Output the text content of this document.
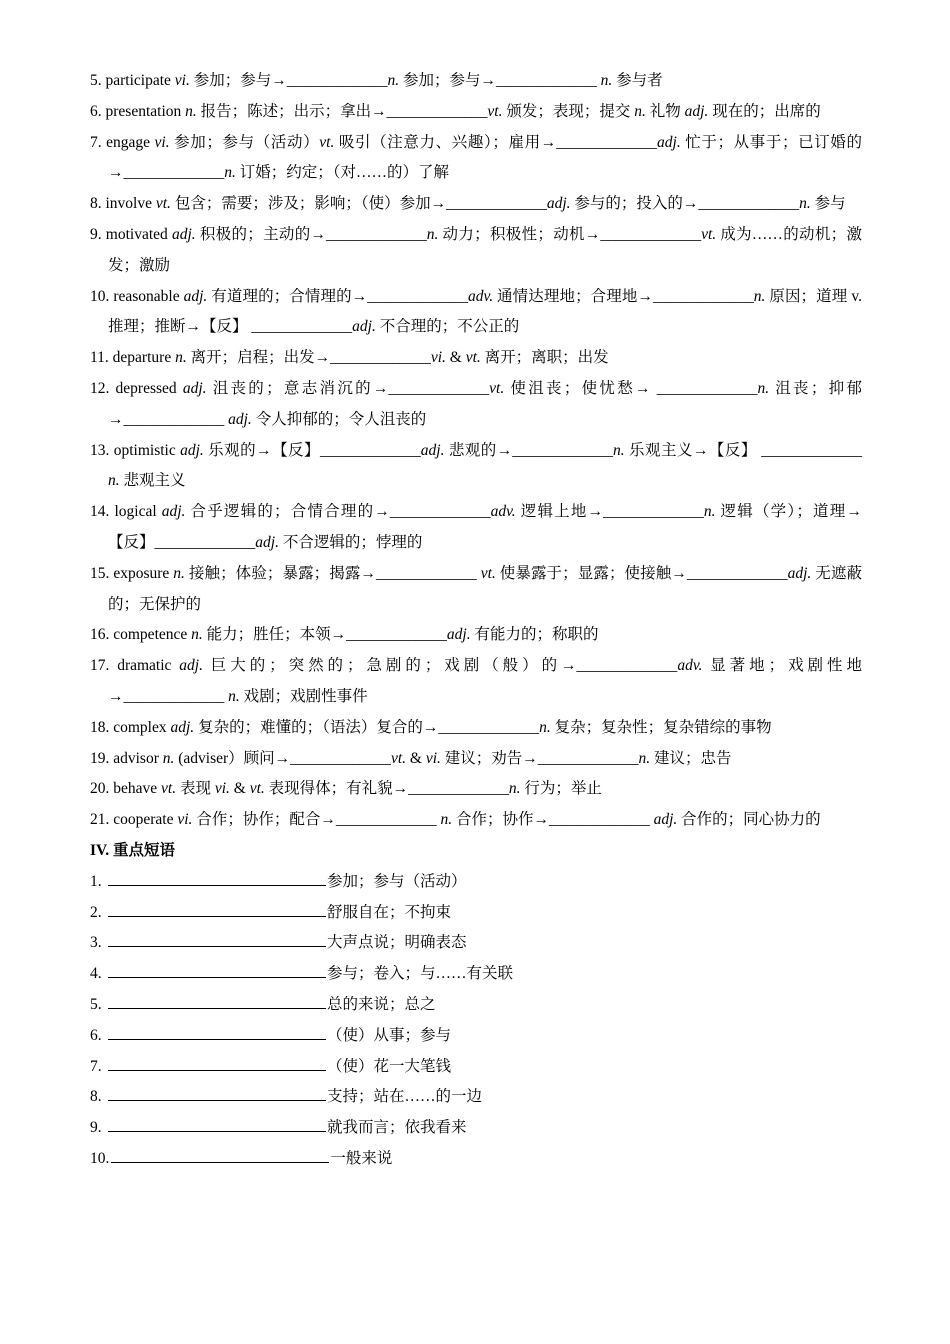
5. participate vi. 参加；参与→_____________n. 参加；参与→_____________ n. 参与者

6. presentation n. 报告；陈述；出示；拿出→_____________vt. 颁发；表现；提交 n. 礼物 adj. 现在的；出席的

7. engage vi. 参加；参与（活动）vt. 吸引（注意力、兴趣）；雇用→_____________adj. 忙于；从事于；已订婚的→_____________n. 订婚；约定；（对……的）了解

8. involve vt. 包含；需要；涉及；影响；（使）参加→_____________adj. 参与的；投入的→_____________n. 参与

9. motivated adj. 积极的；主动的→_____________n. 动力；积极性；动机→_____________vt. 成为……的动机；激发；激励

10. reasonable adj. 有道理的；合情理的→_____________adv. 通情达理地；合理地→_____________n. 原因；道理 v. 推理；推断→【反】 _____________adj. 不合理的；不公正的

11. departure n. 离开；启程；出发→_____________vi. & vt. 离开；离职；出发

12. depressed adj. 沮丧的；意志消沉的→_____________vt. 使沮丧；使忧愁→ _____________n. 沮丧；抑郁→_____________ adj. 令人抑郁的；令人沮丧的

13. optimistic adj. 乐观的→【反】_____________adj. 悲观的→_____________n. 乐观主义→【反】 _____________ n. 悲观主义

14. logical adj. 合乎逻辑的；合情合理的→_____________adv. 逻辑上地→_____________n. 逻辑（学）；道理→【反】_____________adj. 不合逻辑的；悖理的

15. exposure n. 接触；体验；暴露；揭露→_____________ vt. 使暴露于；显露；使接触→_____________adj. 无遮蔽的；无保护的

16. competence n. 能力；胜任；本领→_____________adj. 有能力的；称职的

17. dramatic adj. 巨大的；突然的；急剧的；戏剧（般）的→_____________adv. 显著地；戏剧性地→_____________ n. 戏剧；戏剧性事件

18. complex adj. 复杂的；难懂的；（语法）复合的→_____________n. 复杂；复杂性；复杂错综的事物

19. advisor n. (adviser）顾问→_____________vt. & vi. 建议；劝告→_____________n. 建议；忠告

20. behave vt. 表现 vi. & vt. 表现得体；有礼貌→_____________n. 行为；举止

21. cooperate vi. 合作；协作；配合→_____________ n. 合作；协作→_____________ adj. 合作的；同心协力的

IV. 重点短语

1.	参加；参与（活动）

2.	舒服自在；不拘束

3.	大声点说；明确表态

4.	参与；卷入；与……有关联

5.	总的来说；总之

6.	（使）从事；参与

7.	（使）花一大笔钱

8.	支持；站在……的一边

9.	就我而言；依我看来

10.	一般来说
